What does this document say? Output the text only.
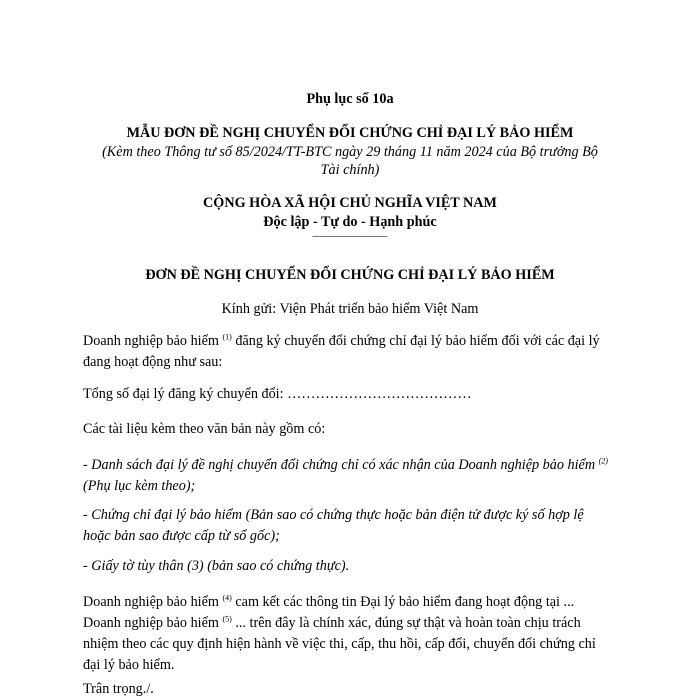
Phụ lục số 10a
MẪU ĐƠN ĐỀ NGHỊ CHUYỂN ĐỔI CHỨNG CHỈ ĐẠI LÝ BẢO HIỂM
(Kèm theo Thông tư số 85/2024/TT-BTC ngày 29 tháng 11 năm 2024 của Bộ trưởng Bộ
Tài chính)
CỘNG HÒA XÃ HỘI CHỦ NGHĨA VIỆT NAM
Độc lập - Tự do - Hạnh phúc
_______________
ĐƠN ĐỀ NGHỊ CHUYỂN ĐỔI CHỨNG CHỈ ĐẠI LÝ BẢO HIỂM
Kính gửi: Viện Phát triển bảo hiểm Việt Nam
Doanh nghiệp bảo hiểm $^{(1)}$ đăng ký chuyển đổi chứng chỉ đại lý bảo hiểm đối với các đại lý đang hoạt động như sau:
Tổng số đại lý đăng ký chuyển đổi: …………………………………
Các tài liệu kèm theo văn bản này gồm có:
- Danh sách đại lý đề nghị chuyển đổi chứng chỉ có xác nhận của Doanh nghiệp bảo hiểm $^{(2)}$ (Phụ lục kèm theo);
- Chứng chỉ đại lý bảo hiểm (Bản sao có chứng thực hoặc bản điện tử được ký số hợp lệ hoặc bản sao được cấp từ sổ gốc);
- Giấy tờ tùy thân (3) (bản sao có chứng thực).
Doanh nghiệp bảo hiểm $^{(4)}$ cam kết các thông tin Đại lý bảo hiểm đang hoạt động tại ... Doanh nghiệp bảo hiểm $^{(5)}$ ... trên đây là chính xác, đúng sự thật và hoàn toàn chịu trách nhiệm theo các quy định hiện hành về việc thi, cấp, thu hồi, cấp đổi, chuyển đổi chứng chỉ đại lý bảo hiểm.
Trân trọng./.
